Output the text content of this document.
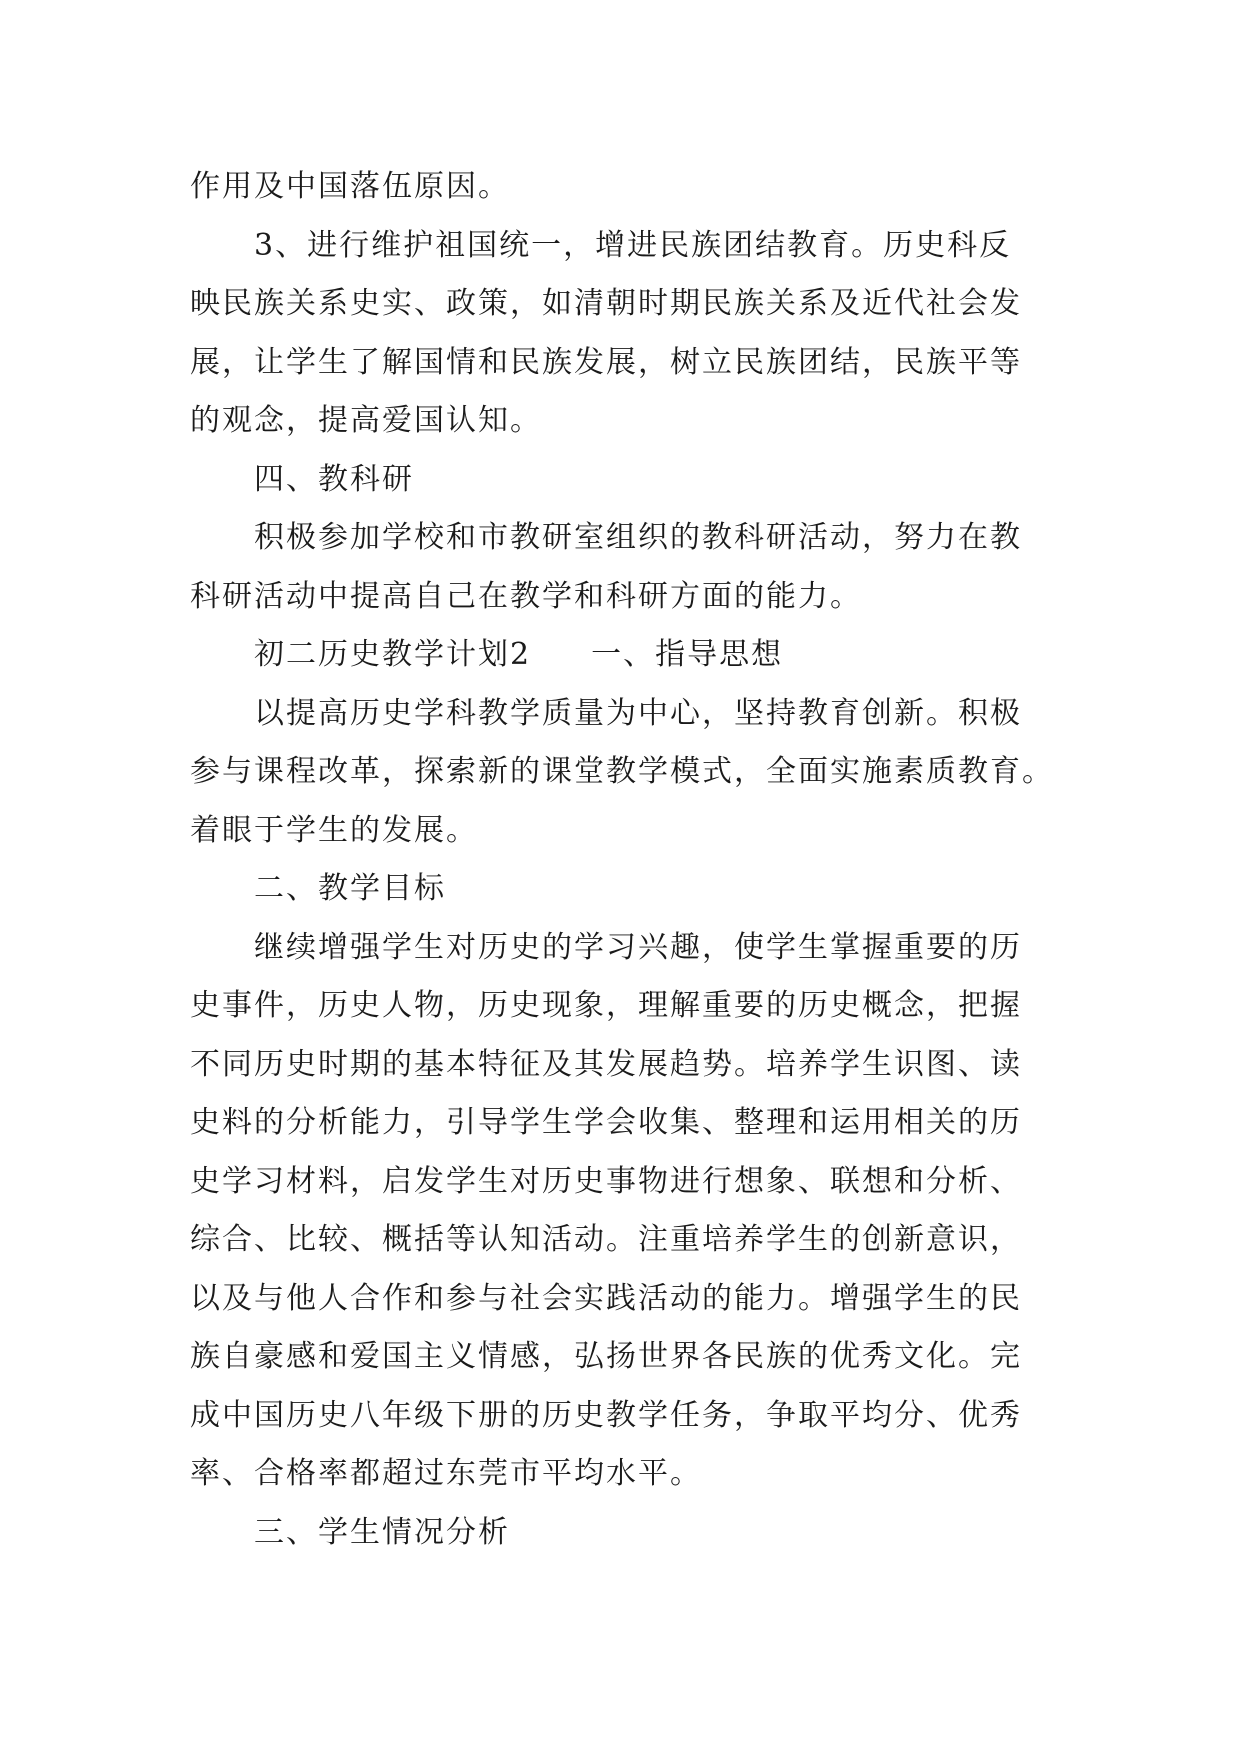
作用及中国落伍原因。
3、进行维护祖国统一，增进民族团结教育。历史科反
映民族关系史实、政策，如清朝时期民族关系及近代社会发
展，让学生了解国情和民族发展，树立民族团结，民族平等
的观念，提高爱国认知。
四、教科研
积极参加学校和市教研室组织的教科研活动，努力在教
科研活动中提高自己在教学和科研方面的能力。
初二历史教学计划2 一、指导思想
以提高历史学科教学质量为中心，坚持教育创新。积极
参与课程改革，探索新的课堂教学模式，全面实施素质教育。
着眼于学生的发展。
二、教学目标
继续增强学生对历史的学习兴趣，使学生掌握重要的历
史事件，历史人物，历史现象，理解重要的历史概念，把握
不同历史时期的基本特征及其发展趋势。培养学生识图、读
史料的分析能力，引导学生学会收集、整理和运用相关的历
史学习材料，启发学生对历史事物进行想象、联想和分析、
综合、比较、概括等认知活动。注重培养学生的创新意识，
以及与他人合作和参与社会实践活动的能力。增强学生的民
族自豪感和爱国主义情感，弘扬世界各民族的优秀文化。完
成中国历史八年级下册的历史教学任务，争取平均分、优秀
率、合格率都超过东莞市平均水平。
三、学生情况分析
